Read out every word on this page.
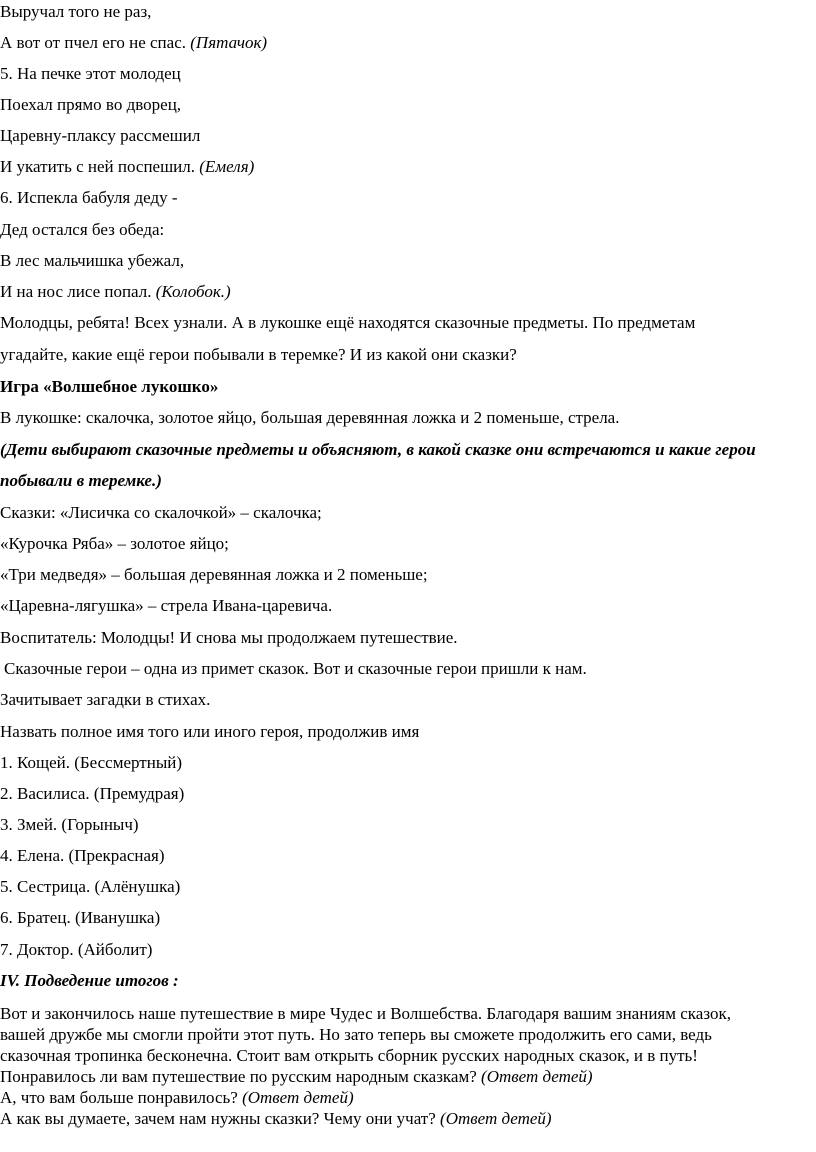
Выручал того не раз,
А вот от пчел его не спас. (Пятачок)
5. На печке этот молодец
Поехал прямо во дворец,
Царевну-плаксу рассмешил
И укатить с ней поспешил. (Емеля)
6. Испекла бабуля деду -
Дед остался без обеда:
В лес мальчишка убежал,
И на нос лисе попал. (Колобок.)
Молодцы, ребята! Всех узнали. А в лукошке ещё находятся сказочные предметы. По предметам
угадайте, какие ещё герои побывали в теремке? И из какой они сказки?
Игра «Волшебное лукошко»
В лукошке: скалочка, золотое яйцо, большая деревянная ложка и 2 поменьше, стрела.
(Дети выбирают сказочные предметы и объясняют, в какой сказке они встречаются и какие герои
побывали в теремке.)
Сказки: «Лисичка со скалочкой» – скалочка;
«Курочка Ряба» – золотое яйцо;
«Три медведя» – большая деревянная ложка и 2 поменьше;
«Царевна-лягушка» – стрела Ивана-царевича.
Воспитатель: Молодцы! И снова мы продолжаем путешествие.
Сказочные герои – одна из примет сказок. Вот и сказочные герои пришли к нам.
Зачитывает загадки в стихах.
Назвать полное имя того или иного героя, продолжив имя
1. Кощей. (Бессмертный)
2. Василиса. (Премудрая)
3. Змей. (Горыныч)
4. Елена. (Прекрасная)
5. Сестрица. (Алёнушка)
6. Братец. (Иванушка)
7. Доктор. (Айболит)
IV. Подведение итогов :
Вот и закончилось наше путешествие в мире Чудес и Волшебства. Благодаря вашим знаниям сказок,
вашей дружбе мы смогли пройти этот путь. Но зато теперь вы сможете продолжить его сами, ведь
сказочная тропинка бесконечна. Стоит вам открыть сборник русских народных сказок, и в путь!
Понравилось ли вам путешествие по русским народным сказкам? (Ответ детей)
А, что вам больше понравилось? (Ответ детей)
А как вы думаете, зачем нам нужны сказки? Чему они учат? (Ответ детей)
